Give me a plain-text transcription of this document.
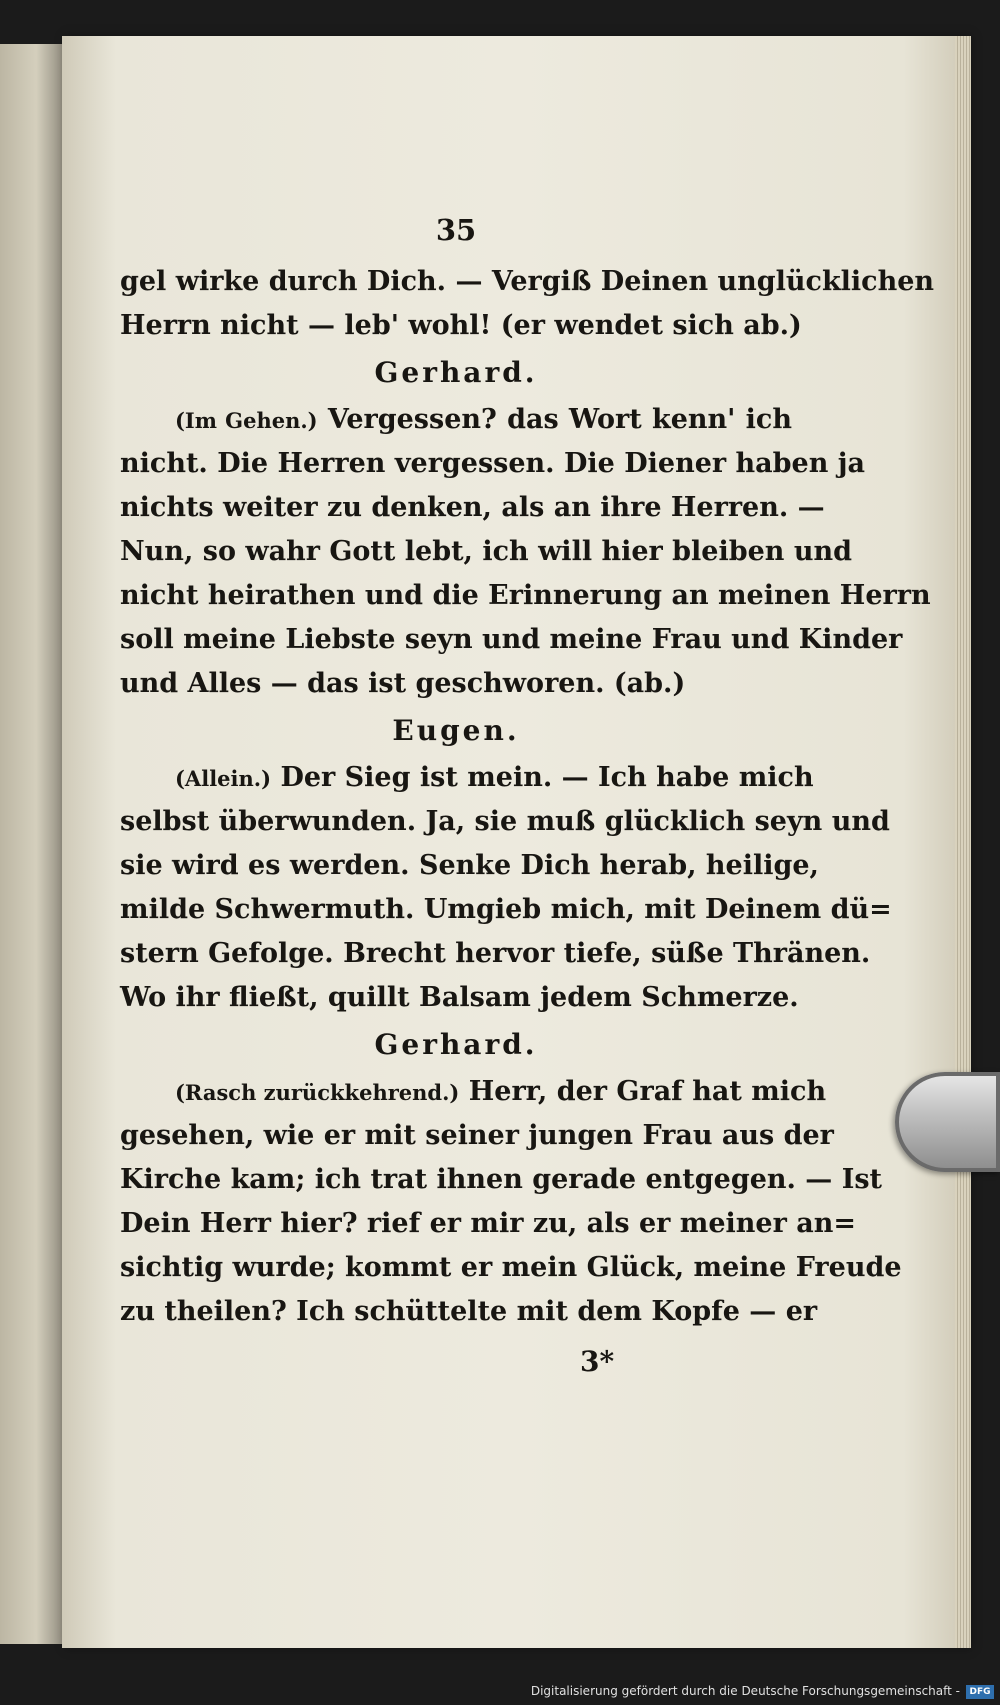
35
gel wirke durch Dich. — Vergiß Deinen unglücklichen
Herrn nicht — leb' wohl! (er wendet sich ab.)
Gerhard.
(Im Gehen.) Vergessen? das Wort kenn' ich
nicht. Die Herren vergessen. Die Diener haben ja
nichts weiter zu denken, als an ihre Herren. —
Nun, so wahr Gott lebt, ich will hier bleiben und
nicht heirathen und die Erinnerung an meinen Herrn
soll meine Liebste seyn und meine Frau und Kinder
und Alles — das ist geschworen. (ab.)
Eugen.
(Allein.) Der Sieg ist mein. — Ich habe mich
selbst überwunden. Ja, sie muß glücklich seyn und
sie wird es werden. Senke Dich herab, heilige,
milde Schwermuth. Umgieb mich, mit Deinem dü=
stern Gefolge. Brecht hervor tiefe, süße Thränen.
Wo ihr fließt, quillt Balsam jedem Schmerze.
Gerhard.
(Rasch zurückkehrend.) Herr, der Graf hat mich
gesehen, wie er mit seiner jungen Frau aus der
Kirche kam; ich trat ihnen gerade entgegen. — Ist
Dein Herr hier? rief er mir zu, als er meiner an=
sichtig wurde; kommt er mein Glück, meine Freude
zu theilen? Ich schüttelte mit dem Kopfe — er
3*
Digitalisierung gefördert durch die Deutsche Forschungsgemeinschaft -	DFG
